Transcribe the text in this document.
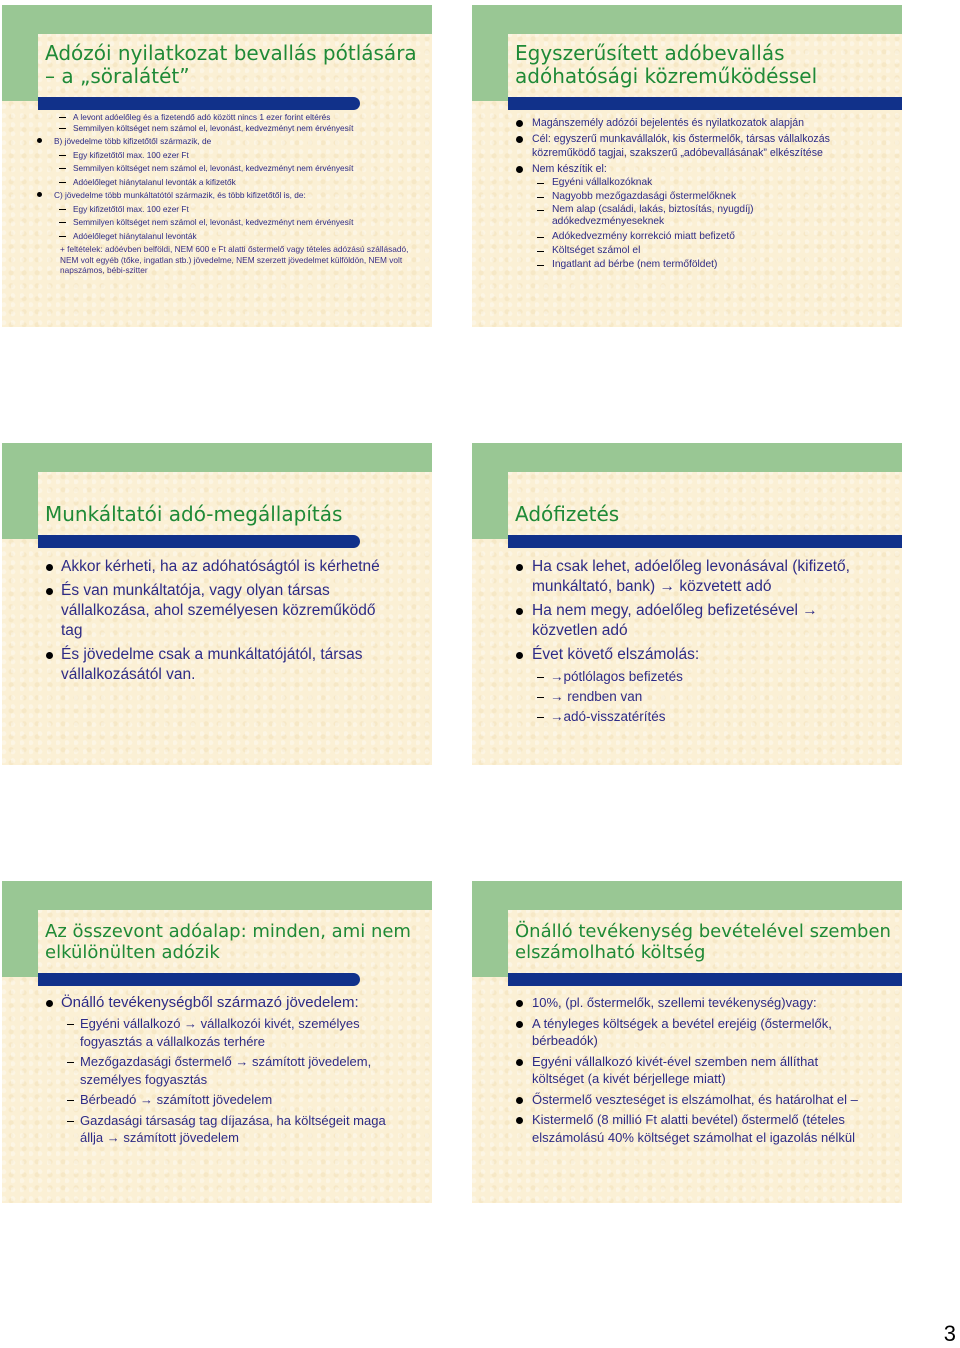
Adózói nyilatkozat bevallás pótlására – a „söralátét”
A levont adóelőleg és a fizetendő adó között nincs 1 ezer forint eltérés
Semmilyen költséget nem számol el, levonást, kedvezményt nem érvényesít
B) jövedelme több kifizetőtől származik, de
Egy kifizetőtől max. 100 ezer Ft
Semmilyen költséget nem számol el, levonást, kedvezményt nem érvényesít
Adóelőleget hiánytalanul levonták a kifizetők
C) jövedelme több munkáltatótól származik, és több kifizetőtől is, de:
Egy kifizetőtől max. 100 ezer Ft
Semmilyen költséget nem számol el, levonást, kedvezményt nem érvényesít
Adóelőleget hiánytalanul levonták
+ feltételek: adóévben belföldi, NEM 600 e Ft alatti őstermelő vagy tételes adózású szállásadó, NEM volt egyéb (tőke, ingatlan stb.) jövedelme, NEM szerzett jövedelmet külföldön, NEM volt napszámos, bébi-szitter
Egyszerűsített adóbevallás adóhatósági közreműködéssel
Magánszemély adózói bejelentés és nyilatkozatok alapján
Cél: egyszerű munkavállalók, kis őstermelők, társas vállalkozás közreműködő tagjai, szakszerű „adóbevallásának” elkészítése
Nem készítik el:
Egyéni vállalkozóknak
Nagyobb mezőgazdasági őstermelőknek
Nem alap (családi, lakás, biztosítás, nyugdíj) adókedvezményeseknek
Adókedvezmény korrekció miatt befizető
Költséget számol el
Ingatlant ad bérbe (nem termőföldet)
Munkáltatói adó-megállapítás
Akkor kérheti, ha az adóhatóságtól is kérhetné
És van munkáltatója, vagy olyan társas vállalkozása, ahol személyesen közreműködő tag
És jövedelme csak a munkáltatójától, társas vállalkozásától van.
Adófizetés
Ha csak lehet, adóelőleg levonásával (kifizető, munkáltató, bank) → közvetett adó
Ha nem megy, adóelőleg befizetésével → közvetlen adó
Évet követő elszámolás:
→pótlólagos befizetés
→ rendben van
→adó-visszatérítés
Az összevont adóalap: minden, ami nem elkülönülten adózik
Önálló tevékenységből származó jövedelem:
Egyéni vállalkozó → vállalkozói kivét, személyes fogyasztás a vállalkozás terhére
Mezőgazdasági őstermelő → számított jövedelem, személyes fogyasztás
Bérbeadó → számított jövedelem
Gazdasági társaság tag díjazása, ha költségeit maga állja → számított jövedelem
Önálló tevékenység bevételével szemben elszámolható költség
10%, (pl. őstermelők, szellemi tevékenység)vagy:
A tényleges költségek a bevétel erejéig (őstermelők, bérbeadók)
Egyéni vállalkozó kivét-ével szemben nem állíthat költséget (a kivét bérjellege miatt)
Őstermelő veszteséget is elszámolhat, és határolhat el –
Kistermelő (8 millió Ft alatti bevétel) őstermelő (tételes elszámolású 40% költséget számolhat el igazolás nélkül
3
